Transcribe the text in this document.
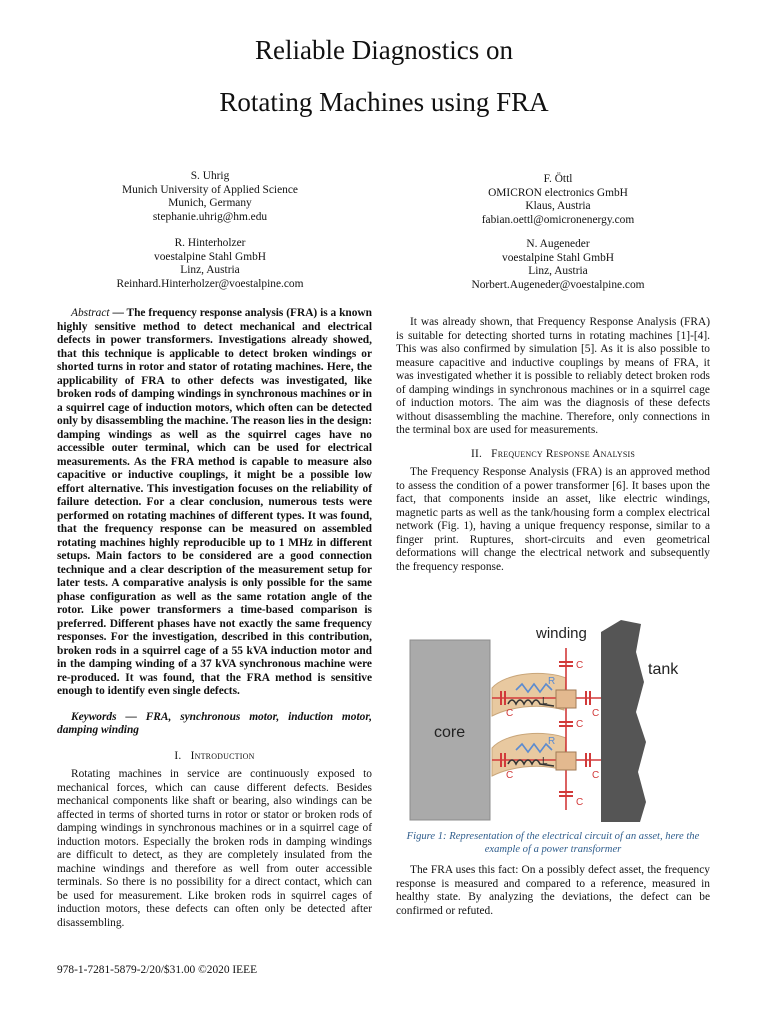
Reliable Diagnostics on
Rotating Machines using FRA
S. Uhrig
Munich University of Applied Science
Munich, Germany
stephanie.uhrig@hm.edu
R. Hinterholzer
voestalpine Stahl GmbH
Linz, Austria
Reinhard.Hinterholzer@voestalpine.com
F. Öttl
OMICRON electronics GmbH
Klaus, Austria
fabian.oettl@omicronenergy.com
N. Augeneder
voestalpine Stahl GmbH
Linz, Austria
Norbert.Augeneder@voestalpine.com

Abstract — The frequency response analysis (FRA) is a known highly sensitive method to detect mechanical and electrical defects in power transformers. Investigations already showed, that this technique is applicable to detect broken windings or shorted turns in rotor and stator of rotating machines. Here, the applicability of FRA to other defects was investigated, like broken rods of damping windings in synchronous machines or in a squirrel cage of induction motors, which often can be detected only by disassembling the machine. The reason lies in the design: damping windings as well as the squirrel cages have no accessible outer terminal, which can be used for electrical measurements. As the FRA method is capable to measure also capacitive or inductive couplings, it might be a possible low effort alternative. This investigation focuses on the reliability of failure detection. For a clear conclusion, numerous tests were performed on rotating machines of different types. It was found, that the frequency response can be measured on assembled rotating machines highly reproducible up to 1 MHz in different setups. Main factors to be considered are a good connection technique and a clear description of the measurement setup for later tests. A comparative analysis is only possible for the same phase configuration as well as the same rotation angle of the rotor. Like power transformers a time-based comparison is preferred. Different phases have not exactly the same frequency responses. For the investigation, described in this contribution, broken rods in a squirrel cage of a 55 kVA induction motor and in the damping winding of a 37 kVA synchronous machine were re-produced. It was found, that the FRA method is sensitive enough to identify even single defects.

Keywords — FRA, synchronous motor, induction motor, damping winding

I. Introduction

Rotating machines in service are continuously exposed to mechanical forces, which can cause different defects. Besides mechanical components like shaft or bearing, also windings can be affected in terms of shorted turns in rotor or stator or broken rods of damping windings in synchronous machines or in a squirrel cage of induction motors. Especially the broken rods in damping windings are difficult to detect, as they are completely insulated from the machine windings and therefore as well from outer accessible terminals. So there is no possibility for a direct contact, which can be used for measurement. Like broken rods in squirrel cages of induction motors, these defects can often only be detected after disassembling.

It was already shown, that Frequency Response Analysis (FRA) is suitable for detecting shorted turns in rotating machines [1]-[4]. This was also confirmed by simulation [5]. As it is also possible to measure capacitive and inductive couplings by means of FRA, it was investigated whether it is possible to reliably detect broken rods of damping windings in synchronous machines or in a squirrel cage of induction motors. The aim was the diagnosis of these defects without disassembling the machine. Therefore, only connections in the terminal box are used for measurements.

II. Frequency Response Analysis

The Frequency Response Analysis (FRA) is an approved method to assess the condition of a power transformer [6]. It bases upon the fact, that components inside an asset, like electric windings, magnetic parts as well as the tank/housing form a complex electrical network (Fig. 1), having a unique frequency response, similar to a finger print. Ruptures, short-circuits and even geometrical deformations will change the electrical network and subsequently the frequency response.

core
tank
winding
C
C
C
C	C
C	C
R
R
L
L
Figure 1: Representation of the electrical circuit of an asset, here the example of a power transformer

The FRA uses this fact: On a possibly defect asset, the frequency response is measured and compared to a reference, measured in healthy state. By analyzing the deviations, the defect can be confirmed or refuted.

978-1-7281-5879-2/20/$31.00 ©2020 IEEE
